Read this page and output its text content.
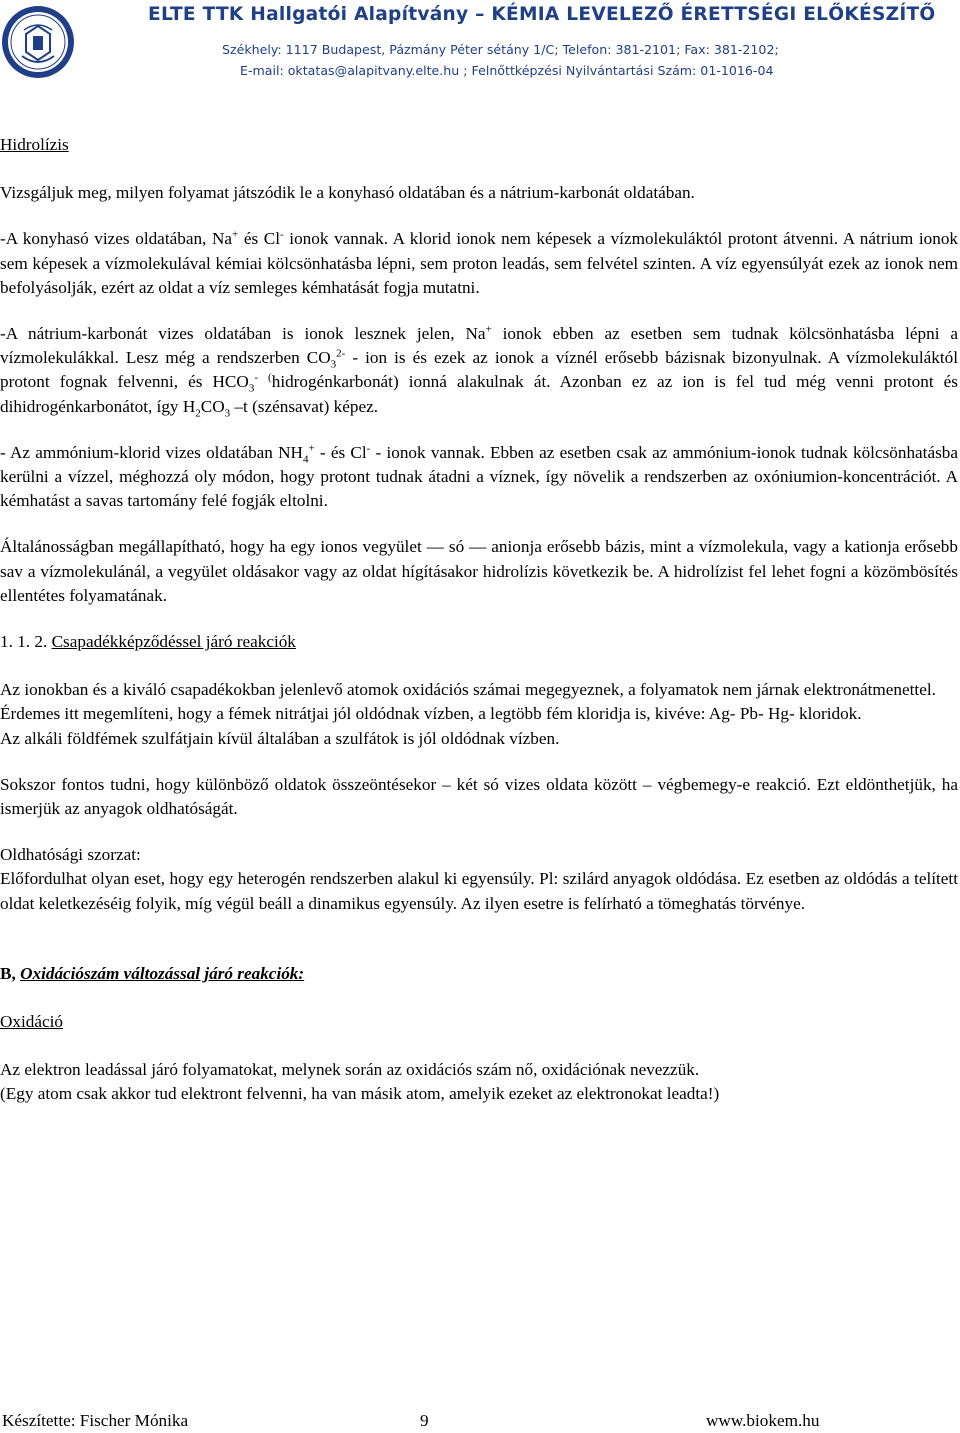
ELTE TTK Hallgatói Alapítvány – KÉMIA LEVELEZŐ ÉRETTSÉGI ELŐKÉSZÍTŐ
Székhely: 1117 Budapest, Pázmány Péter sétány 1/C; Telefon: 381-2101; Fax: 381-2102;
E-mail: oktatas@alapitvany.elte.hu ; Felnőttképzési Nyilvántartási Szám: 01-1016-04

Hidrolízis

Vizsgáljuk meg, milyen folyamat játszódik le a konyhasó oldatában és a nátrium-karbonát oldatában.

-A konyhasó vizes oldatában, Na+ és Cl- ionok vannak. A klorid ionok nem képesek a vízmolekuláktól protont átvenni. A nátrium ionok sem képesek a vízmolekulával kémiai kölcsönhatásba lépni, sem proton leadás, sem felvétel szinten. A víz egyensúlyát ezek az ionok nem befolyásolják, ezért az oldat a víz semleges kémhatását fogja mutatni.

-A nátrium-karbonát vizes oldatában is ionok lesznek jelen, Na+ ionok ebben az esetben sem tudnak kölcsönhatásba lépni a vízmolekulákkal. Lesz még a rendszerben $CO_3^{2-}$ - ion is és ezek az ionok a víznél erősebb bázisnak bizonyulnak. A vízmolekuláktól protont fognak felvenni, és $HCO_3^-$ (hidrogénkarbonát) ionná alakulnak át. Azonban ez az ion is fel tud még venni protont és dihidrogénkarbonátot, így $H_2CO_3$ –t (szénsavat) képez.

- Az ammónium-klorid vizes oldatában $NH_4^+$ - és Cl- - ionok vannak. Ebben az esetben csak az ammónium-ionok tudnak kölcsönhatásba kerülni a vízzel, méghozzá oly módon, hogy protont tudnak átadni a víznek, így növelik a rendszerben az oxóniumion-koncentrációt. A kémhatást a savas tartomány felé fogják eltolni.

Általánosságban megállapítható, hogy ha egy ionos vegyület — só — anionja erősebb bázis, mint a vízmolekula, vagy a kationja erősebb sav a vízmolekulánál, a vegyület oldásakor vagy az oldat hígításakor hidrolízis következik be. A hidrolízist fel lehet fogni a közömbösítés ellentétes folyamatának.

1. 1. 2. Csapadékképződéssel járó reakciók

Az ionokban és a kiváló csapadékokban jelenlevő atomok oxidációs számai megegyeznek, a folyamatok nem járnak elektronátmenettel.

Érdemes itt megemlíteni, hogy a fémek nitrátjai jól oldódnak vízben, a legtöbb fém kloridja is, kivéve: Ag- Pb- Hg- kloridok.

Az alkáli földfémek szulfátjain kívül általában a szulfátok is jól oldódnak vízben.

Sokszor fontos tudni, hogy különböző oldatok összeöntésekor – két só vizes oldata között – végbemegy-e reakció. Ezt eldönthetjük, ha ismerjük az anyagok oldhatóságát.

Oldhatósági szorzat:

Előfordulhat olyan eset, hogy egy heterogén rendszerben alakul ki egyensúly. Pl: szilárd anyagok oldódása. Ez esetben az oldódás a telített oldat keletkezéséig folyik, míg végül beáll a dinamikus egyensúly. Az ilyen esetre is felírható a tömeghatás törvénye.

B, Oxidációszám változással járó reakciók:

Oxidáció

Az elektron leadással járó folyamatokat, melynek során az oxidációs szám nő, oxidációnak nevezzük.

(Egy atom csak akkor tud elektront felvenni, ha van másik atom, amelyik ezeket az elektronokat leadta!)

Készítette: Fischer Mónika	9	www.biokem.hu
